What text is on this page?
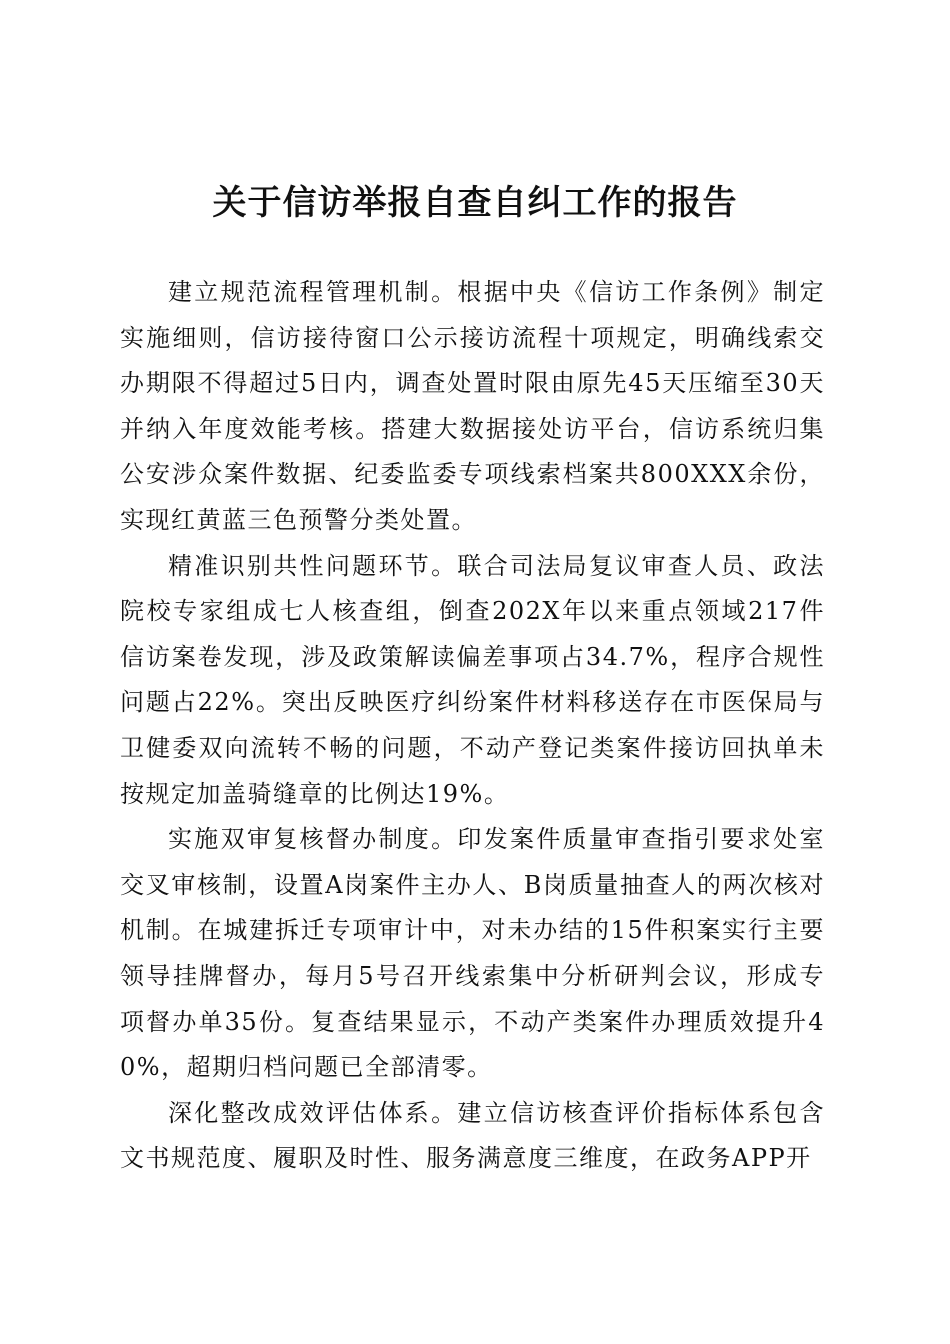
关于信访举报自查自纠工作的报告

建立规范流程管理机制。根据中央《信访工作条例》制定实施细则，信访接待窗口公示接访流程十项规定，明确线索交办期限不得超过5日内，调查处置时限由原先45天压缩至30天并纳入年度效能考核。搭建大数据接处访平台，信访系统归集公安涉众案件数据、纪委监委专项线索档案共800XXX余份，实现红黄蓝三色预警分类处置。

精准识别共性问题环节。联合司法局复议审查人员、政法院校专家组成七人核查组，倒查202X年以来重点领域217件信访案卷发现，涉及政策解读偏差事项占34.7%，程序合规性问题占22%。突出反映医疗纠纷案件材料移送存在市医保局与卫健委双向流转不畅的问题，不动产登记类案件接访回执单未按规定加盖骑缝章的比例达19%。

实施双审复核督办制度。印发案件质量审查指引要求处室交叉审核制，设置A岗案件主办人、B岗质量抽查人的两次核对机制。在城建拆迁专项审计中，对未办结的15件积案实行主要领导挂牌督办，每月5号召开线索集中分析研判会议，形成专项督办单35份。复查结果显示，不动产类案件办理质效提升40%，超期归档问题已全部清零。

深化整改成效评估体系。建立信访核查评价指标体系包含文书规范度、履职及时性、服务满意度三维度，在政务APP开
